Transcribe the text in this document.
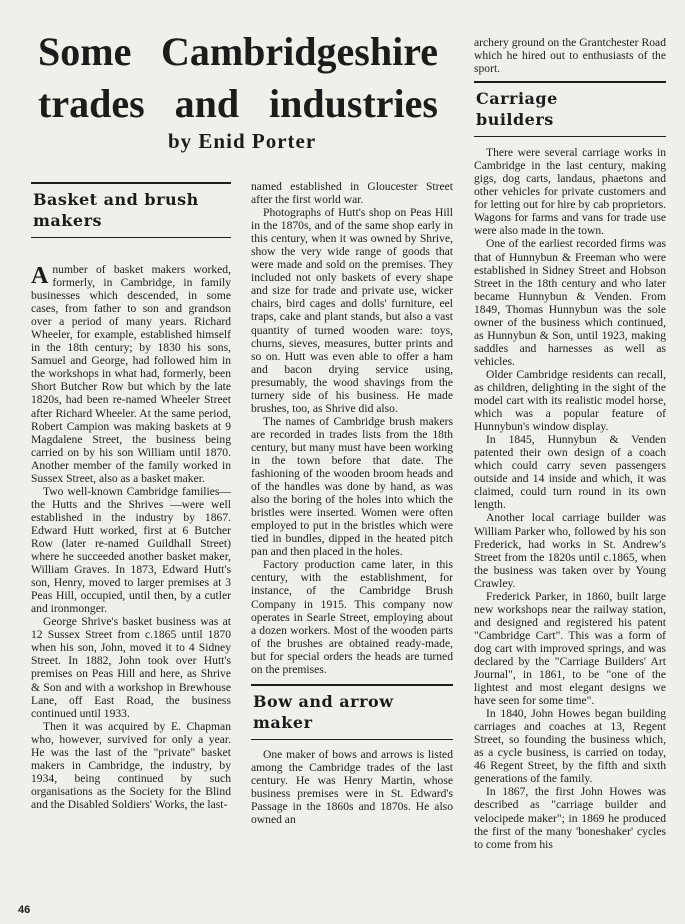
Some Cambridgeshire
trades and industries
by Enid Porter
Basket and brush
makers

Anumber of basket makers worked, formerly, in Cambridge, in family businesses which descended, in some cases, from father to son and grandson over a period of many years. Richard Wheeler, for example, established himself in the 18th century; by 1830 his sons, Samuel and George, had followed him in the workshops in what had, formerly, been Short Butcher Row but which by the late 1820s, had been re-named Wheeler Street after Richard Wheeler. At the same period, Robert Campion was making baskets at 9 Magdalene Street, the business being carried on by his son William until 1870. Another member of the family worked in Sussex Street, also as a basket maker.

Two well-known Cambridge families—the Hutts and the Shrives —were well established in the industry by 1867. Edward Hutt worked, first at 6 Butcher Row (later re-named Guildhall Street) where he succeeded another basket maker, William Graves. In 1873, Edward Hutt's son, Henry, moved to larger premises at 3 Peas Hill, occupied, until then, by a cutler and ironmonger.

George Shrive's basket business was at 12 Sussex Street from c.1865 until 1870 when his son, John, moved it to 4 Sidney Street. In 1882, John took over Hutt's premises on Peas Hill and here, as Shrive & Son and with a workshop in Brewhouse Lane, off East Road, the business continued until 1933.

Then it was acquired by E. Chapman who, however, survived for only a year. He was the last of the "private" basket makers in Cambridge, the industry, by 1934, being continued by such organisations as the Society for the Blind and the Disabled Soldiers' Works, the last-

named established in Gloucester Street after the first world war.

Photographs of Hutt's shop on Peas Hill in the 1870s, and of the same shop early in this century, when it was owned by Shrive, show the very wide range of goods that were made and sold on the premises. They included not only baskets of every shape and size for trade and private use, wicker chairs, bird cages and dolls' furniture, eel traps, cake and plant stands, but also a vast quantity of turned wooden ware: toys, churns, sieves, measures, butter prints and so on. Hutt was even able to offer a ham and bacon drying service using, presumably, the wood shavings from the turnery side of his business. He made brushes, too, as Shrive did also.

The names of Cambridge brush makers are recorded in trades lists from the 18th century, but many must have been working in the town before that date. The fashioning of the wooden broom heads and of the handles was done by hand, as was also the boring of the holes into which the bristles were inserted. Women were often employed to put in the bristles which were tied in bundles, dipped in the heated pitch pan and then placed in the holes.

Factory production came later, in this century, with the establishment, for instance, of the Cambridge Brush Company in 1915. This company now operates in Searle Street, employing about a dozen workers. Most of the wooden parts of the brushes are obtained ready-made, but for special orders the heads are turned on the premises.

Bow and arrow
maker

One maker of bows and arrows is listed among the Cambridge trades of the last century. He was Henry Martin, whose business premises were in St. Edward's Passage in the 1860s and 1870s. He also owned an

archery ground on the Grantchester Road which he hired out to enthusiasts of the sport.

Carriage
builders

There were several carriage works in Cambridge in the last century, making gigs, dog carts, landaus, phaetons and other vehicles for private customers and for letting out for hire by cab proprietors. Wagons for farms and vans for trade use were also made in the town.

One of the earliest recorded firms was that of Hunnybun & Freeman who were established in Sidney Street and Hobson Street in the 18th century and who later became Hunnybun & Venden. From 1849, Thomas Hunnybun was the sole owner of the business which continued, as Hunnybun & Son, until 1923, making saddles and harnesses as well as vehicles.

Older Cambridge residents can recall, as children, delighting in the sight of the model cart with its realistic model horse, which was a popular feature of Hunnybun's window display.

In 1845, Hunnybun & Venden patented their own design of a coach which could carry seven passengers outside and 14 inside and which, it was claimed, could turn round in its own length.

Another local carriage builder was William Parker who, followed by his son Frederick, had works in St. Andrew's Street from the 1820s until c.1865, when the business was taken over by Young Crawley.

Frederick Parker, in 1860, built large new workshops near the railway station, and designed and registered his patent "Cambridge Cart". This was a form of dog cart with improved springs, and was declared by the "Carriage Builders' Art Journal", in 1861, to be "one of the lightest and most elegant designs we have seen for some time".

In 1840, John Howes began building carriages and coaches at 13, Regent Street, so founding the business which, as a cycle business, is carried on today, 46 Regent Street, by the fifth and sixth generations of the family.

In 1867, the first John Howes was described as "carriage builder and velocipede maker"; in 1869 he produced the first of the many 'boneshaker' cycles to come from his

46
